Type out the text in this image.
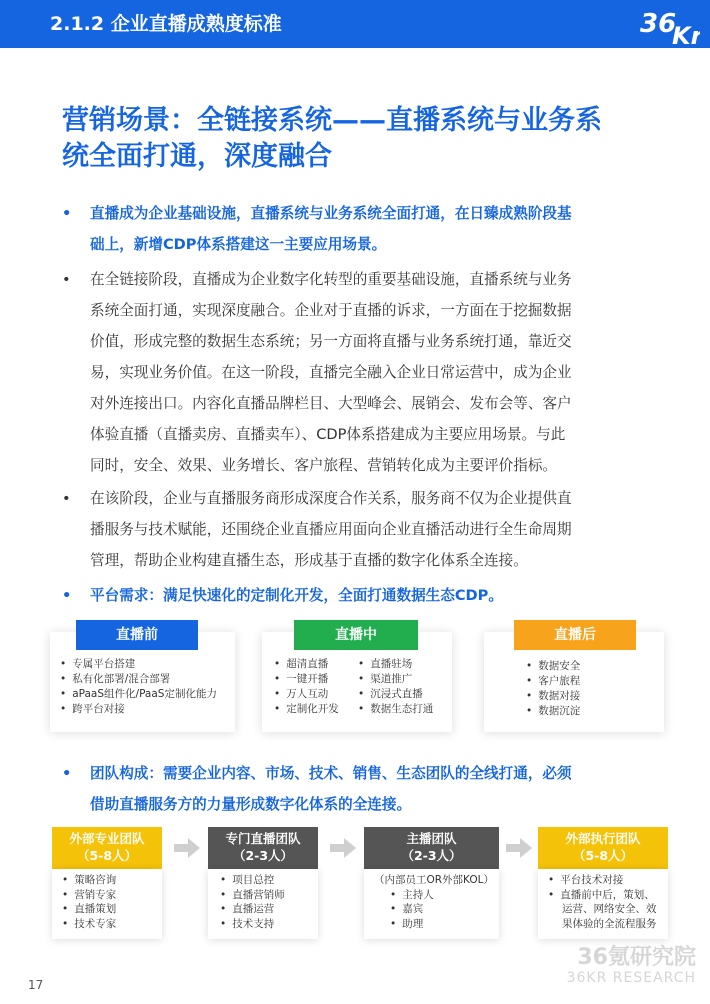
2.1.2 企业直播成熟度标准	36
Kr
营销场景：全链接系统——直播系统与业务系
统全面打通，深度融合
•	直播成为企业基础设施，直播系统与业务系统全面打通，在日臻成熟阶段基
础上，新增CDP体系搭建这一主要应用场景。
•	在全链接阶段，直播成为企业数字化转型的重要基础设施，直播系统与业务
系统全面打通，实现深度融合。企业对于直播的诉求，一方面在于挖掘数据
价值，形成完整的数据生态系统；另一方面将直播与业务系统打通，靠近交
易，实现业务价值。在这一阶段，直播完全融入企业日常运营中，成为企业
对外连接出口。内容化直播品牌栏目、大型峰会、展销会、发布会等、客户
体验直播（直播卖房、直播卖车）、CDP体系搭建成为主要应用场景。与此
同时，安全、效果、业务增长、客户旅程、营销转化成为主要评价指标。
•	在该阶段，企业与直播服务商形成深度合作关系，服务商不仅为企业提供直
播服务与技术赋能，还围绕企业直播应用面向企业直播活动进行全生命周期
管理，帮助企业构建直播生态，形成基于直播的数字化体系全连接。
•	平台需求：满足快速化的定制化开发，全面打通数据生态CDP。
直播前
• 专属平台搭建
• 私有化部署/混合部署
• aPaaS组件化/PaaS定制化能力
• 跨平台对接
直播中
• 超清直播
• 一键开播
• 万人互动
• 定制化开发
• 直播驻场
• 渠道推广
• 沉浸式直播
• 数据生态打通
直播后
• 数据安全
• 客户旅程
• 数据对接
• 数据沉淀
•	团队构成：需要企业内容、市场、技术、销售、生态团队的全线打通，必须
借助直播服务方的力量形成数字化体系的全连接。
外部专业团队
（5-8人）
• 策略咨询
• 营销专家
• 直播策划
• 技术专家
专门直播团队
（2-3人）
• 项目总控
• 直播营销师
• 直播运营
• 技术支持
主播团队
（2-3人）
（内部员工OR外部KOL）
• 主持人
• 嘉宾
• 助理
外部执行团队
（5-8人）
• 平台技术对接
• 直播前中后，策划、
运营、网络安全、效
果体验的全流程服务
36氪研究院
36KR RESEARCH
17
